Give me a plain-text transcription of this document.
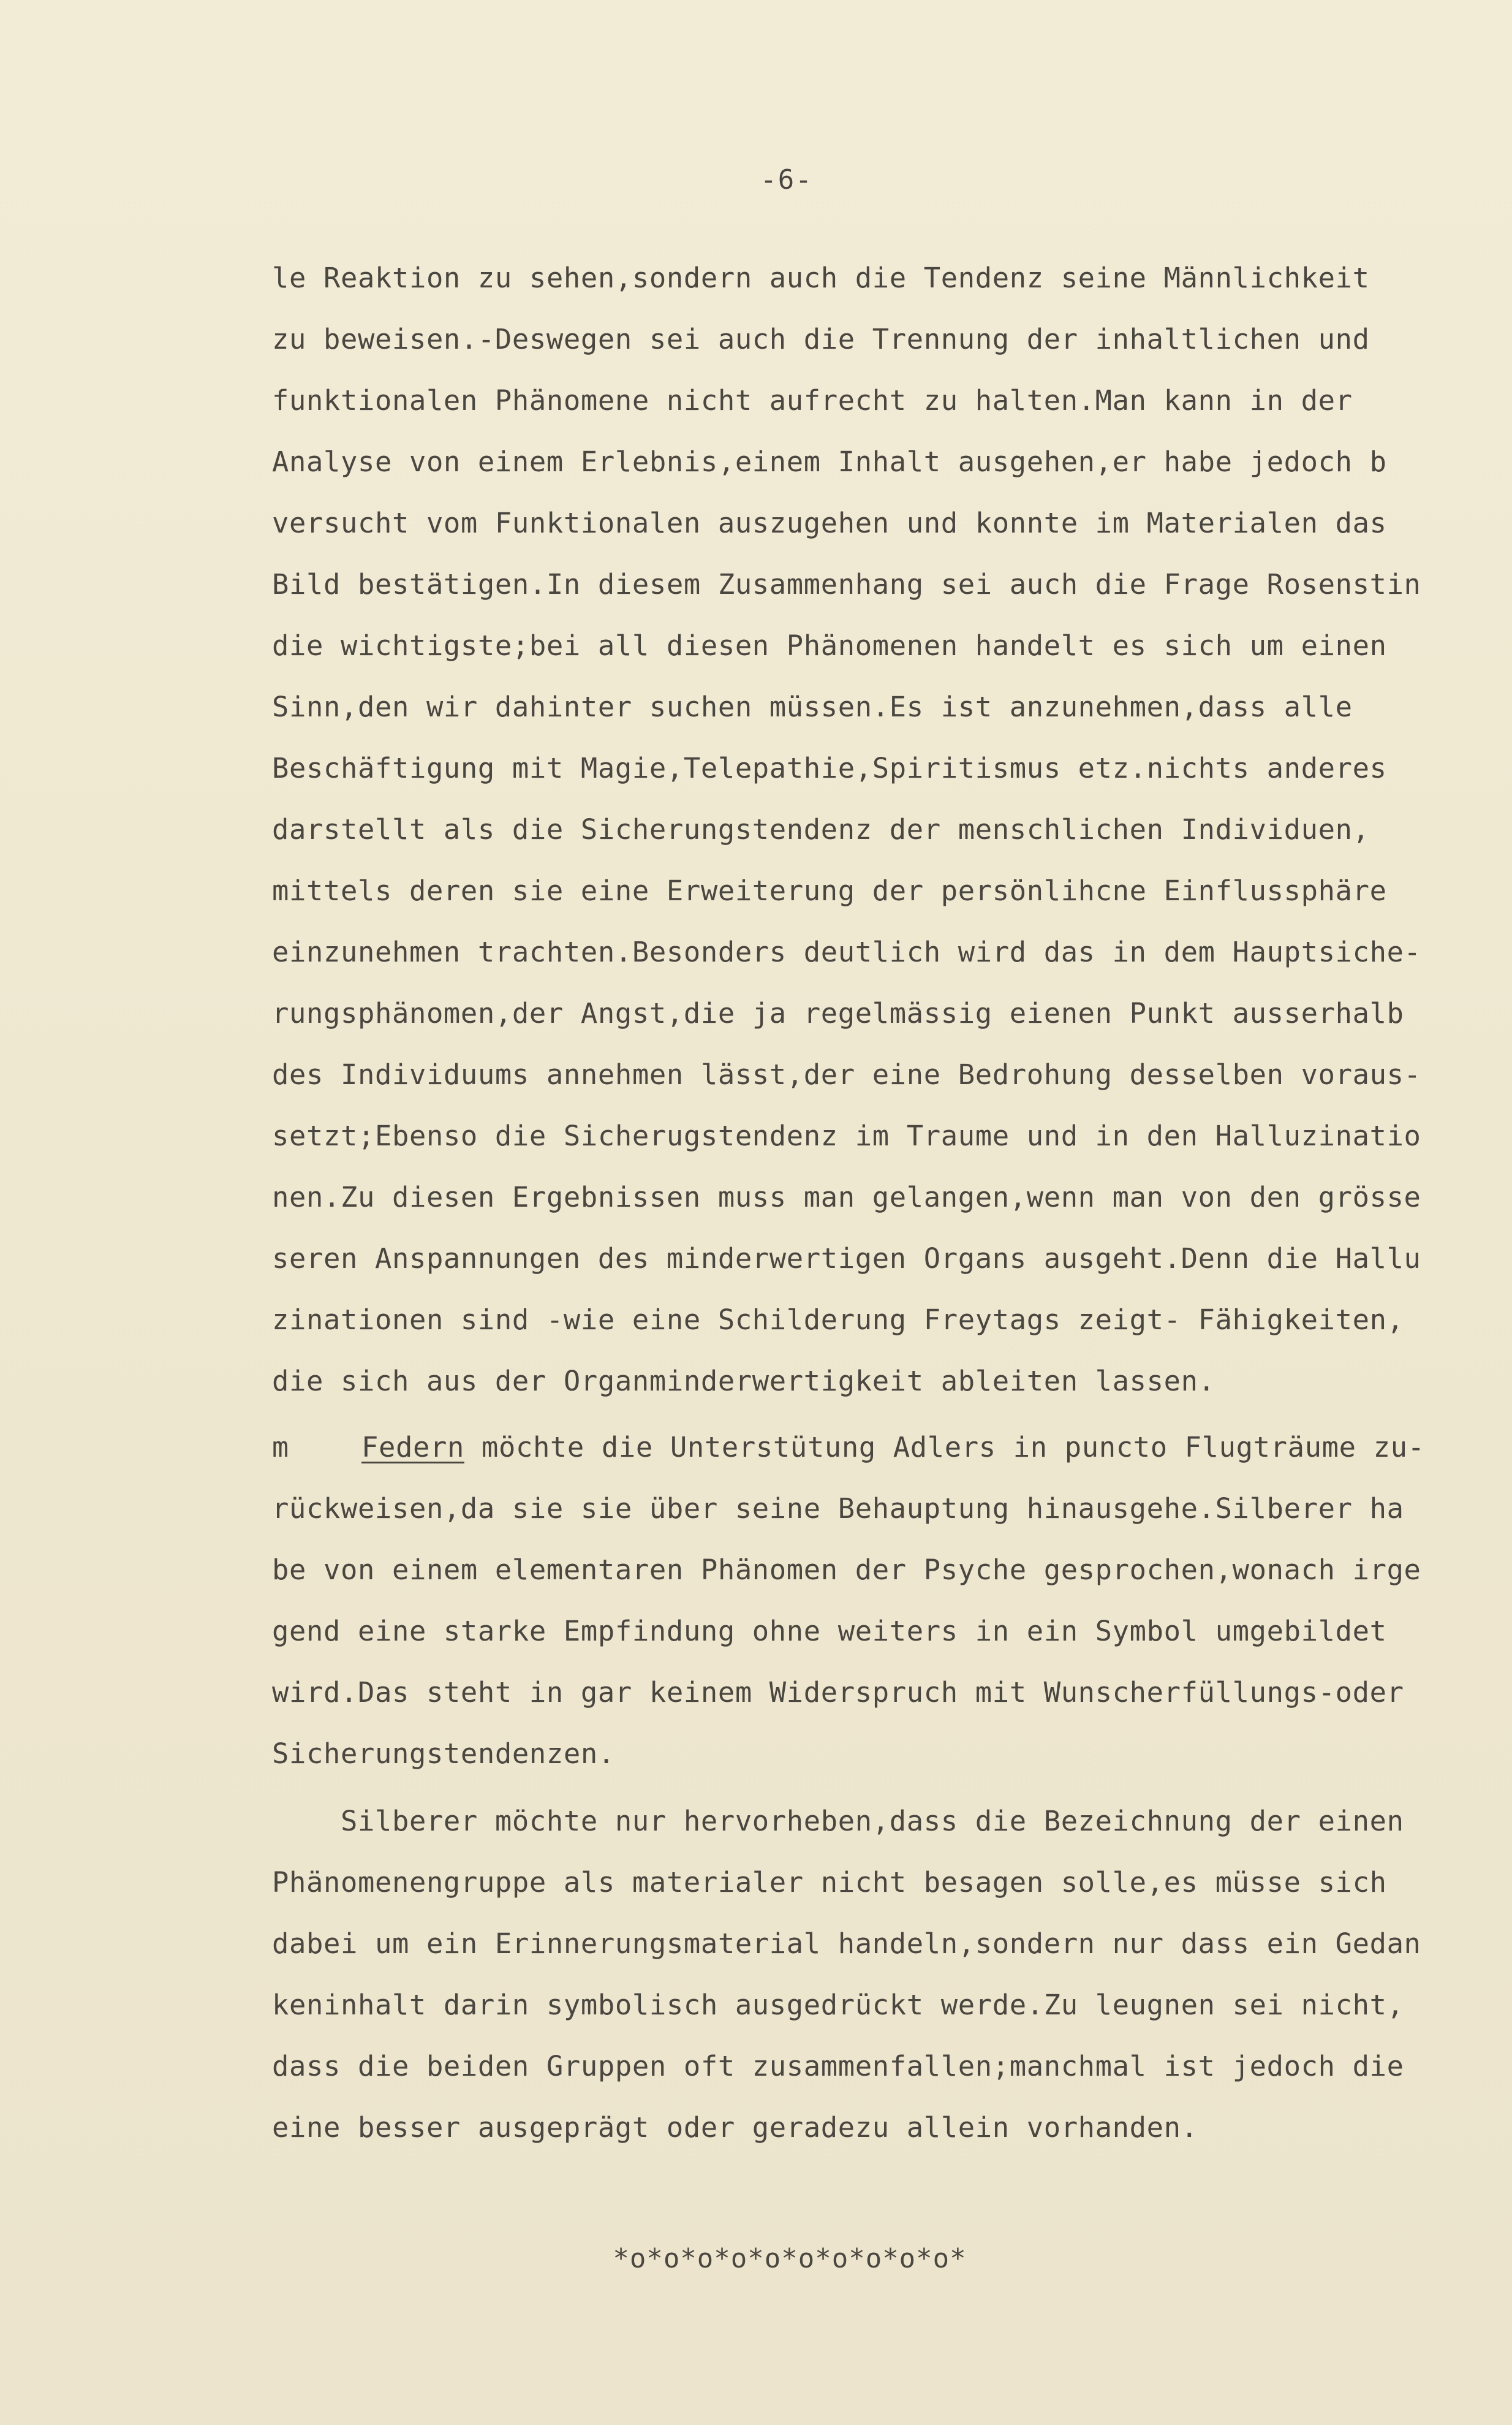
-6-
le Reaktion zu sehen,sondern auch die Tendenz seine Männlichkeit
zu beweisen.-Deswegen sei auch die Trennung der inhaltlichen und
funktionalen Phänomene nicht aufrecht zu halten.Man kann in der
Analyse von einem Erlebnis,einem Inhalt ausgehen,er habe jedoch b
versucht vom Funktionalen auszugehen und konnte im Materialen das
Bild bestätigen.In diesem Zusammenhang sei auch die Frage Rosenstin
die wichtigste;bei all diesen Phänomenen handelt es sich um einen
Sinn,den wir dahinter suchen müssen.Es ist anzunehmen,dass alle
Beschäftigung mit Magie,Telepathie,Spiritismus etz.nichts anderes
darstellt als die Sicherungstendenz der menschlichen Individuen,
mittels deren sie eine Erweiterung der persönlihcne Einflussphäre
einzunehmen trachten.Besonders deutlich wird das in dem Hauptsiche-
rungsphänomen,der Angst,die ja regelmässig eienen Punkt ausserhalb
des Individuums annehmen lässt,der eine Bedrohung desselben voraus-
setzt;Ebenso die Sicherugstendenz im Traume und in den Halluzinatio
nen.Zu diesen Ergebnissen muss man gelangen,wenn man von den grösse
seren Anspannungen des minderwertigen Organs ausgeht.Denn die Hallu
zinationen sind -wie eine Schilderung Freytags zeigt- Fähigkeiten,
die sich aus der Organminderwertigkeit ableiten lassen.
m	Federn möchte die Unterstütung Adlers in puncto Flugträume zu-
rückweisen,da sie sie über seine Behauptung hinausgehe.Silberer ha
be von einem elementaren Phänomen der Psyche gesprochen,wonach irge
gend eine starke Empfindung ohne weiters in ein Symbol umgebildet
wird.Das steht in gar keinem Widerspruch mit Wunscherfüllungs-oder
Sicherungstendenzen.
Silberer möchte nur hervorheben,dass die Bezeichnung der einen
Phänomenengruppe als materialer nicht besagen solle,es müsse sich
dabei um ein Erinnerungsmaterial handeln,sondern nur dass ein Gedan
keninhalt darin symbolisch ausgedrückt werde.Zu leugnen sei nicht,
dass die beiden Gruppen oft zusammenfallen;manchmal ist jedoch die
eine besser ausgeprägt oder geradezu allein vorhanden.
*o*o*o*o*o*o*o*o*o*o*
